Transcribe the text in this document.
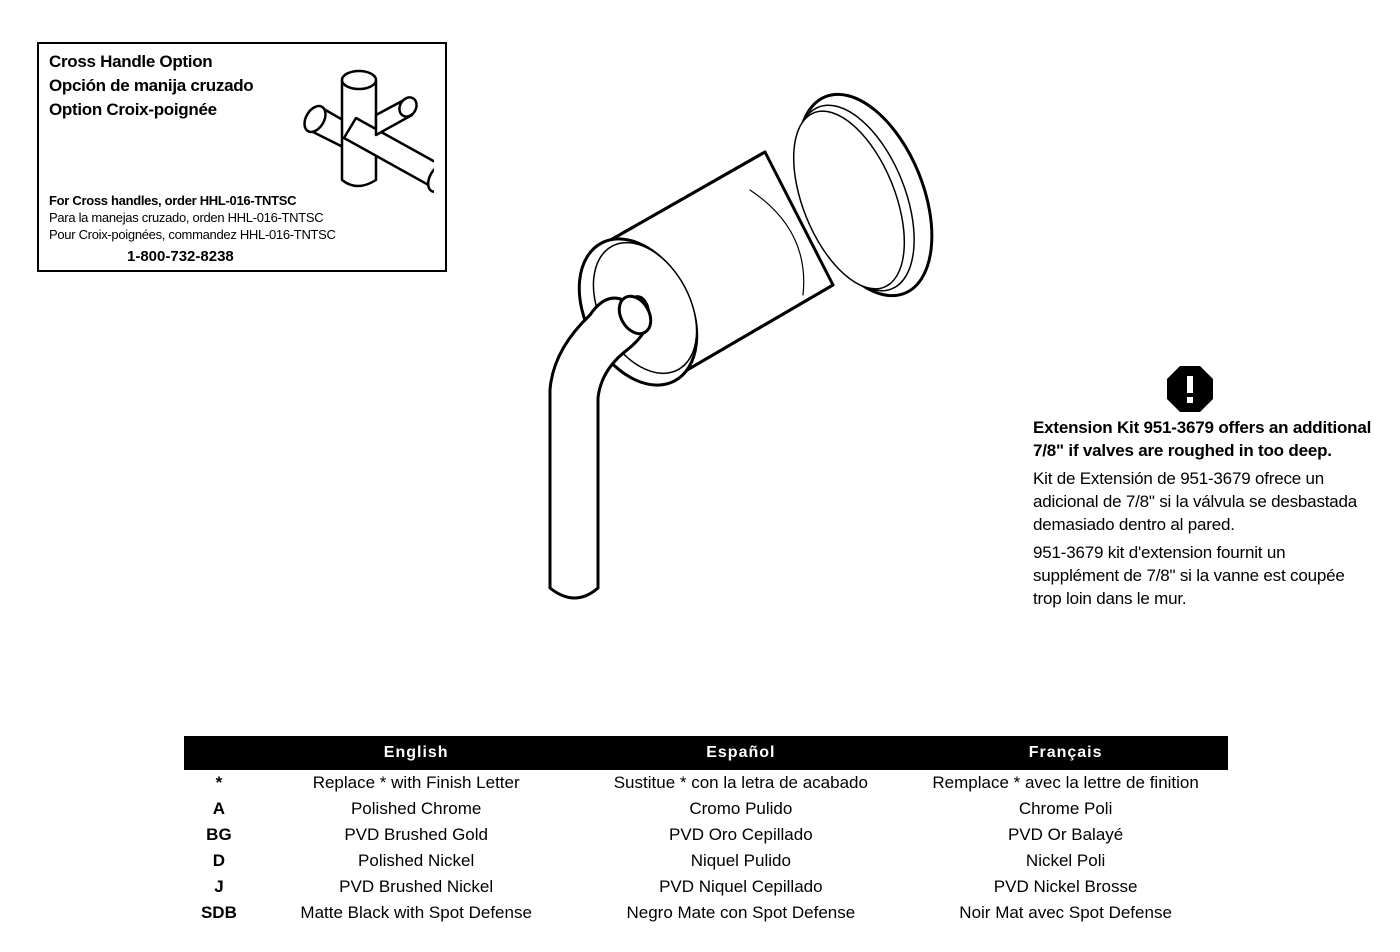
Cross Handle Option
Opción de manija cruzado
Option Croix-poignée
For Cross handles, order HHL-016-TNTSC
Para la manejas cruzado, orden HHL-016-TNTSC
Pour Croix-poignées, commandez HHL-016-TNTSC
1-800-732-8238

Extension Kit 951-3679 offers an additional 7/8" if valves are roughed in too deep.

Kit de Extensión de 951-3679 ofrece un adicional de 7/8" si la válvula se desbastada demasiado dentro al pared.

951-3679 kit d'extension fournit un supplément de 7/8" si la vanne est coupée trop loin dans le mur.

	English	Español	Français
*	Replace * with Finish Letter	Sustitue * con la letra de acabado	Remplace * avec la lettre de finition
A	Polished Chrome	Cromo Pulido	Chrome Poli
BG	PVD Brushed Gold	PVD Oro Cepillado	PVD Or Balayé
D	Polished Nickel	Niquel Pulido	Nickel Poli
J	PVD Brushed Nickel	PVD Niquel Cepillado	PVD Nickel Brosse
SDB	Matte Black with Spot Defense	Negro Mate con Spot Defense	Noir Mat avec Spot Defense
